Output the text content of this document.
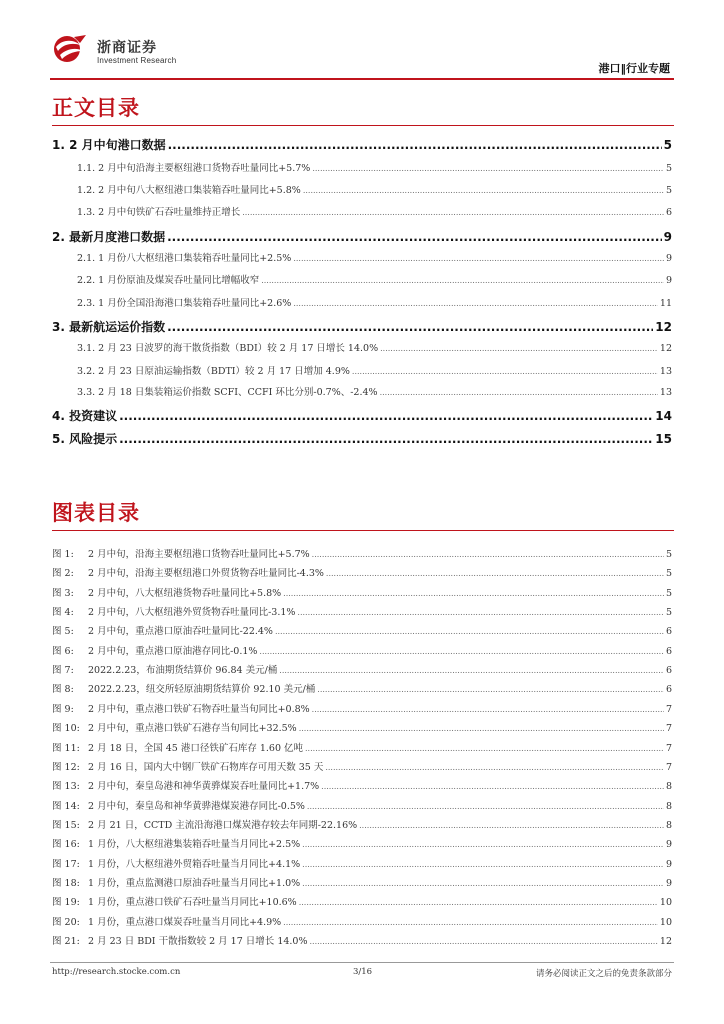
浙商证券
Investment Research
港口‖行业专题
正文目录
1. 2 月中旬港口数据 .....	5
1.1. 2 月中旬沿海主要枢纽港口货物吞吐量同比+5.7% .....	5
1.2. 2 月中旬八大枢纽港口集装箱吞吐量同比+5.8% .....	5
1.3. 2 月中旬铁矿石吞吐量维持正增长 .....	6
2. 最新月度港口数据 .....	9
2.1. 1 月份八大枢纽港口集装箱吞吐量同比+2.5% .....	9
2.2. 1 月份原油及煤炭吞吐量同比增幅收窄 .....	9
2.3. 1 月份全国沿海港口集装箱吞吐量同比+2.6% .....	11
3. 最新航运运价指数 .....	12
3.1. 2 月 23 日波罗的海干散货指数（BDI）较 2 月 17 日增长 14.0% .....	12
3.2. 2 月 23 日原油运输指数（BDTI）较 2 月 17 日增加 4.9% .....	13
3.3. 2 月 18 日集装箱运价指数 SCFI、CCFI 环比分别-0.7%、-2.4% .....	13
4. 投资建议 .....	14
5. 风险提示 .....	15
图表目录
图 1:	2 月中旬，沿海主要枢纽港口货物吞吐量同比+5.7% .....	5
图 2:	2 月中旬，沿海主要枢纽港口外贸货物吞吐量同比-4.3% .....	5
图 3:	2 月中旬，八大枢纽港货物吞吐量同比+5.8% .....	5
图 4:	2 月中旬，八大枢纽港外贸货物吞吐量同比-3.1% .....	5
图 5:	2 月中旬，重点港口原油吞吐量同比-22.4% .....	6
图 6:	2 月中旬，重点港口原油港存同比-0.1% .....	6
图 7:	2022.2.23，布油期货结算价 96.84 美元/桶 .....	6
图 8:	2022.2.23，纽交所轻原油期货结算价 92.10 美元/桶 .....	6
图 9:	2 月中旬，重点港口铁矿石物吞吐量当旬同比+0.8% .....	7
图 10: 2 月中旬，重点港口铁矿石港存当旬同比+32.5% .....	7
图 11: 2 月 18 日，全国 45 港口径铁矿石库存 1.60 亿吨 .....	7
图 12: 2 月 16 日，国内大中钢厂铁矿石物库存可用天数 35 天 .....	7
图 13: 2 月中旬，秦皇岛港和神华黄骅煤炭吞吐量同比+1.7% .....	8
图 14: 2 月中旬，秦皇岛和神华黄骅港煤炭港存同比-0.5% .....	8
图 15: 2 月 21 日，CCTD 主流沿海港口煤炭港存较去年同期-22.16% .....	8
图 16: 1 月份，八大枢纽港集装箱吞吐量当月同比+2.5% .....	9
图 17: 1 月份，八大枢纽港外贸箱吞吐量当月同比+4.1% .....	9
图 18: 1 月份，重点监测港口原油吞吐量当月同比+1.0% .....	9
图 19: 1 月份，重点港口铁矿石吞吐量当月同比+10.6% .....	10
图 20: 1 月份，重点港口煤炭吞吐量当月同比+4.9% .....	10
图 21: 2 月 23 日 BDI 干散指数较 2 月 17 日增长 14.0% .....	12
http://research.stocke.com.cn	3/16	请务必阅读正文之后的免责条款部分
